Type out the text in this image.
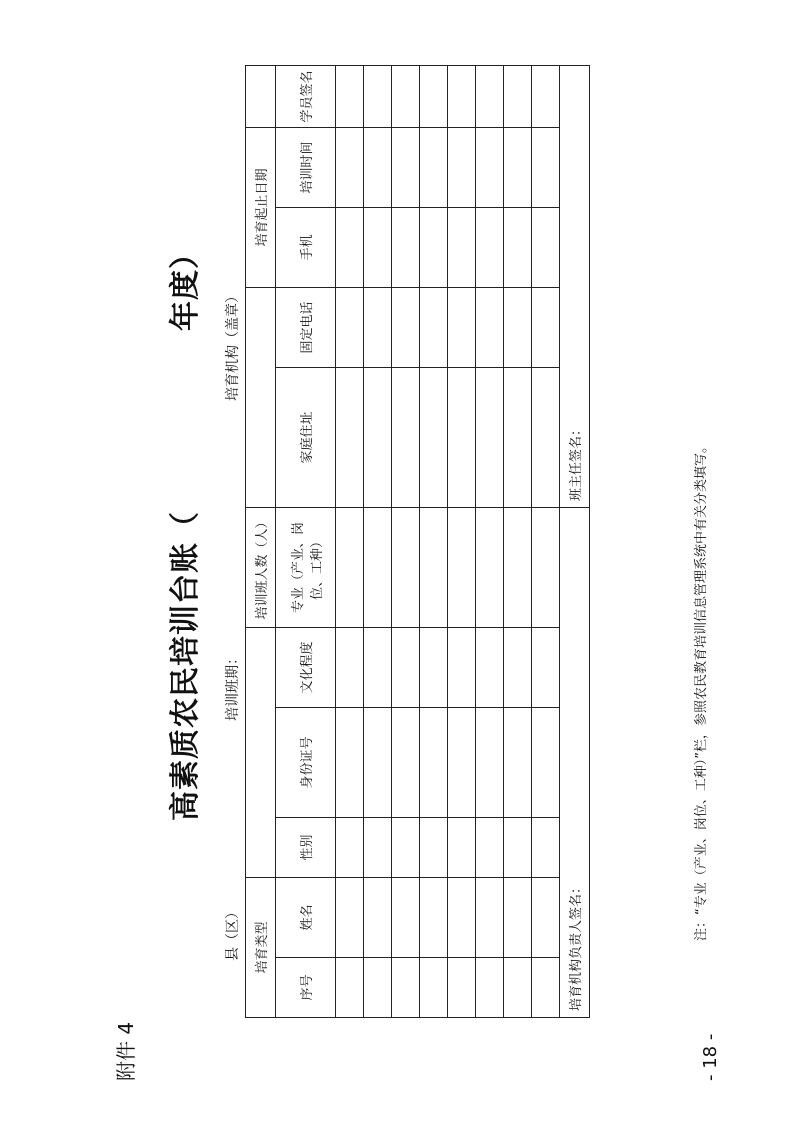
- 18 -
附件 4
高素质农民培训台账（年度）
县（区）
培训班期：
培育机构（盖章）
培育类型					培训班人数（人）			培育起止日期		
序号	姓名	性别	身份证号	文化程度	专业（产业、岗位、工种）	家庭住址	固定电话	手机	培训时间	学员签名

培育机构负责人签名：						班主任签名：					注：“专业（产业、岗位、工种）”栏，参照农民教育培训信息管理系统中有关分类填写。
